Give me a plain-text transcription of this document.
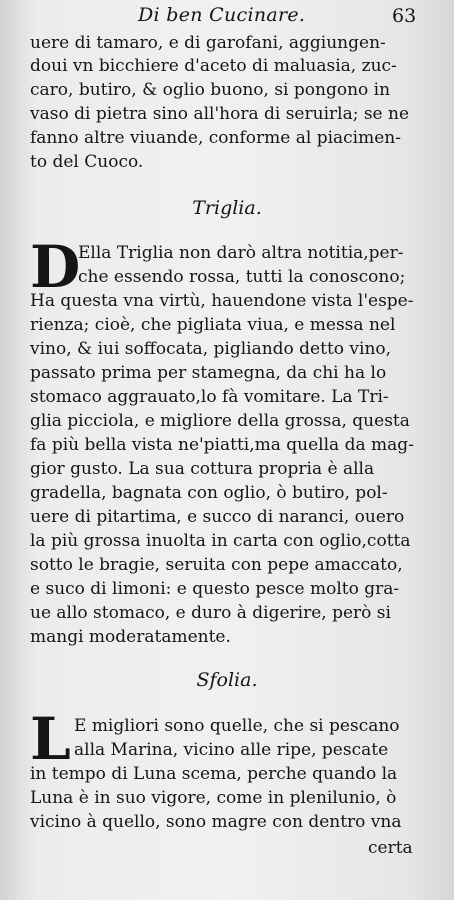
Di ben Cucinare.	63
uere di tamaro, e di garofani, aggiungen-
doui vn bicchiere d'aceto di maluasia, zuc-
caro, butiro, & oglio buono, si pongono in
vaso di pietra sino all'hora di seruirla; se ne
fanno altre viuande, conforme al piacimen-
to del Cuoco.
Triglia.
D
Ella Triglia non darò altra notitia,per-
che essendo rossa, tutti la conoscono;
Ha questa vna virtù, hauendone vista l'espe-
rienza; cioè, che pigliata viua, e messa nel
vino, & iui soffocata, pigliando detto vino,
passato prima per stamegna, da chi ha lo
stomaco aggrauato,lo fà vomitare. La Tri-
glia picciola, e migliore della grossa, questa
fa più bella vista ne'piatti,ma quella da mag-
gior gusto. La sua cottura propria è alla
gradella, bagnata con oglio, ò butiro, pol-
uere di pitartima, e succo di naranci, ouero
la più grossa inuolta in carta con oglio,cotta
sotto le bragie, seruita con pepe amaccato,
e suco di limoni: e questo pesce molto gra-
ue allo stomaco, e duro à digerire, però si
mangi moderatamente.
Sfolia.
L E migliori sono quelle, che si pescano
alla Marina, vicino alle ripe, pescate
in tempo di Luna scema, perche quando la
Luna è in suo vigore, come in plenilunio, ò
vicino à quello, sono magre con dentro vna
certa
